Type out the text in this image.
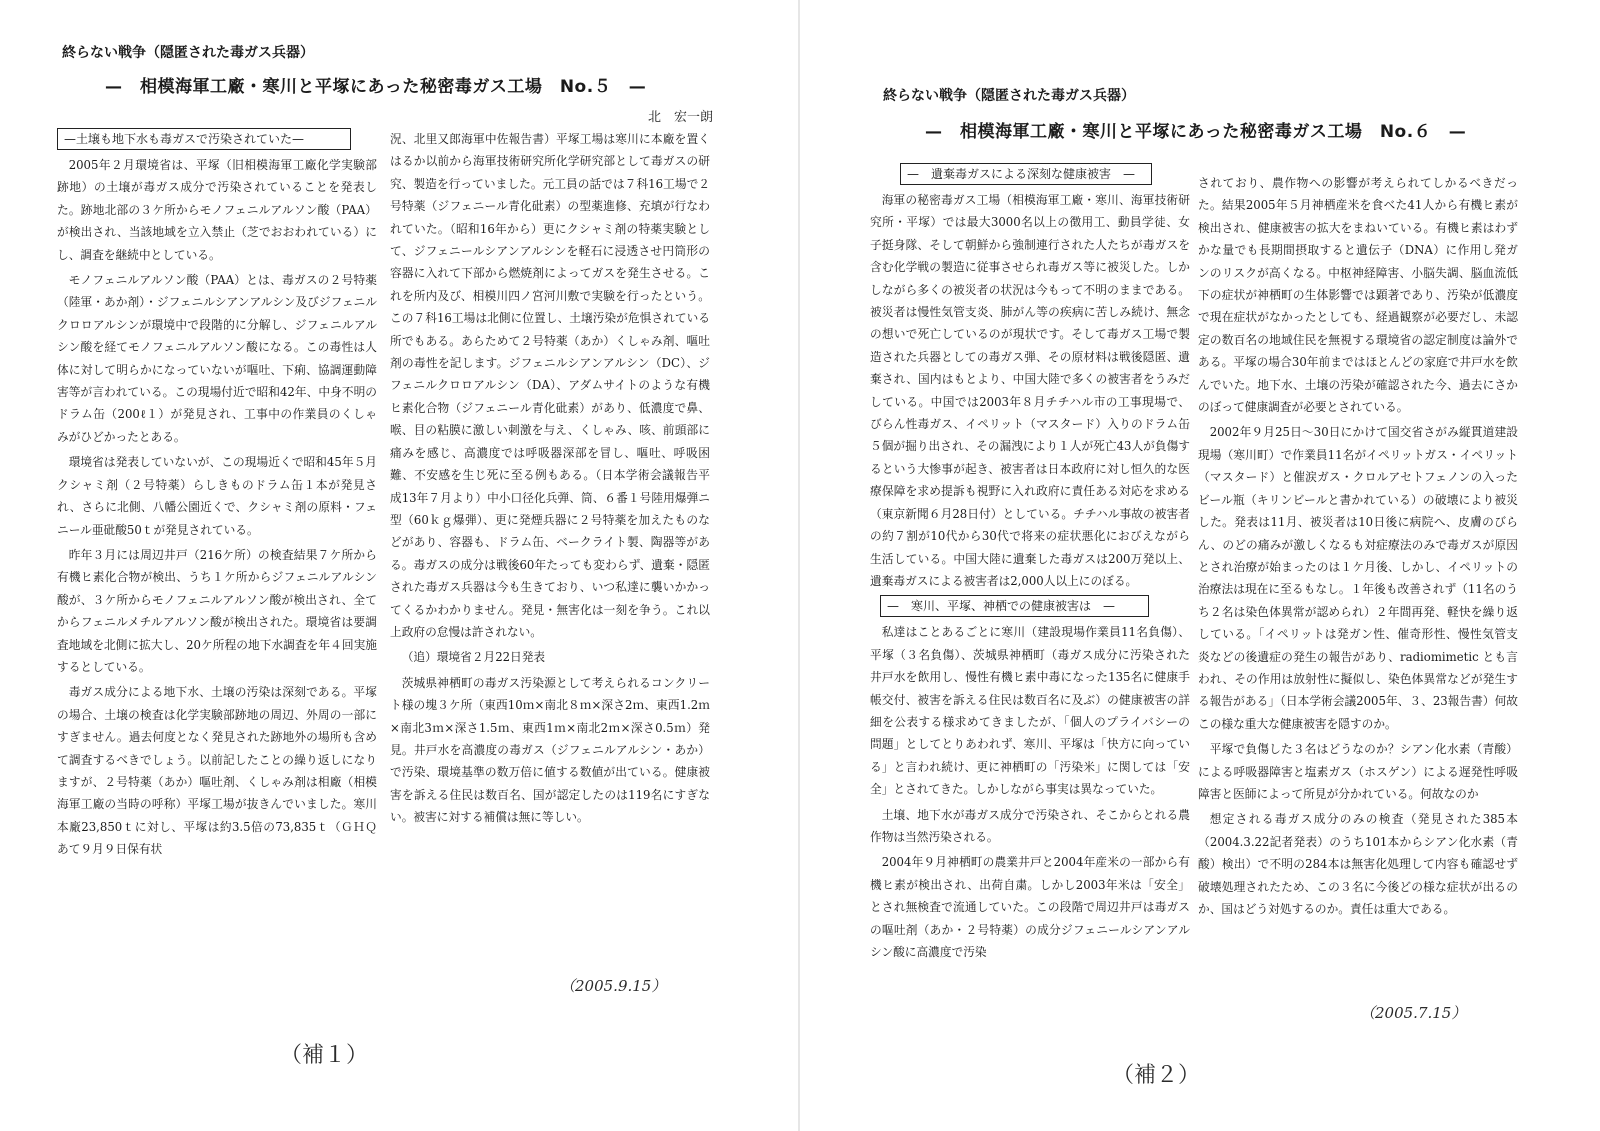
終らない戦争（隠匿された毒ガス兵器）
—　相模海軍工廠・寒川と平塚にあった秘密毒ガス工場　No.５　—
北　宏一朗
—土壌も地下水も毒ガスで汚染されていた—

2005年２月環境省は、平塚（旧相模海軍工廠化学実験部跡地）の土壌が毒ガス成分で汚染されていることを発表した。跡地北部の３ケ所からモノフェニルアルソン酸（PAA）が検出され、当該地域を立入禁止（芝でおおわれている）にし、調査を継続中としている。

モノフェニルアルソン酸（PAA）とは、毒ガスの２号特薬（陸軍・あか剤）・ジフェニルシアンアルシン及びジフェニルクロロアルシンが環境中で段階的に分解し、ジフェニルアルシン酸を経てモノフェニルアルソン酸になる。この毒性は人体に対して明らかになっていないが嘔吐、下痢、協調運動障害等が言われている。この現場付近で昭和42年、中身不明のドラム缶（200ℓ１）が発見され、工事中の作業員のくしゃみがひどかったとある。

環境省は発表していないが、この現場近くで昭和45年５月クシャミ剤（２号特薬）らしきものドラム缶１本が発見され、さらに北側、八幡公園近くで、クシャミ剤の原料・フェニール亜砒酸50ｔが発見されている。

昨年３月には周辺井戸（216ケ所）の検査結果７ケ所から有機ヒ素化合物が検出、うち１ケ所からジフェニルアルシン酸が、３ケ所からモノフェニルアルソン酸が検出され、全てからフェニルメチルアルソン酸が検出された。環境省は要調査地域を北側に拡大し、20ケ所程の地下水調査を年４回実施するとしている。

毒ガス成分による地下水、土壌の汚染は深刻である。平塚の場合、土壌の検査は化学実験部跡地の周辺、外周の一部にすぎません。過去何度となく発見された跡地外の場所も含めて調査するべきでしょう。以前記したことの繰り返しになりますが、２号特薬（あか）嘔吐剤、くしゃみ剤は相廠（相模海軍工廠の当時の呼称）平塚工場が抜きんでいました。寒川本廠23,850ｔに対し、平塚は約3.5倍の73,835ｔ（ＧＨＱあて９月９日保有状

況、北里又郎海軍中佐報告書）平塚工場は寒川に本廠を置くはるか以前から海軍技術研究所化学研究部として毒ガスの研究、製造を行っていました。元工員の話では７科16工場で２号特薬（ジフェニール青化砒素）の型薬進修、充填が行なわれていた。（昭和16年から）更にクシャミ剤の特薬実験として、ジフェニールシアンアルシンを軽石に浸透させ円筒形の容器に入れて下部から燃焼剤によってガスを発生させる。これを所内及び、相模川四ノ宮河川敷で実験を行ったという。この７科16工場は北側に位置し、土壌汚染が危惧されている所でもある。あらためて２号特薬（あか）くしゃみ剤、嘔吐剤の毒性を記します。ジフェニルシアンアルシン（DC）、ジフェニルクロロアルシン（DA）、アダムサイトのような有機ヒ素化合物（ジフェニール青化砒素）があり、低濃度で鼻、喉、目の粘膜に激しい刺激を与え、くしゃみ、咳、前頭部に痛みを感じ、高濃度では呼吸器深部を冒し、嘔吐、呼吸困難、不安感を生じ死に至る例もある。（日本学術会議報告平成13年７月より）中小口径化兵弾、筒、６番１号陸用爆弾ニ型（60ｋｇ爆弾）、更に発煙兵器に２号特薬を加えたものなどがあり、容器も、ドラム缶、ベークライト製、陶器等がある。毒ガスの成分は戦後60年たっても変わらず、遺棄・隠匿された毒ガス兵器は今も生きており、いつ私達に襲いかかってくるかわかりません。発見・無害化は一刻を争う。これ以上政府の怠慢は許されない。

（追）環境省２月22日発表

茨城県神栖町の毒ガス汚染源として考えられるコンクリート様の塊３ケ所（東西10ｍ×南北８ｍ×深さ2ｍ、東西1.2ｍ×南北3ｍ×深さ1.5ｍ、東西1ｍ×南北2ｍ×深さ0.5ｍ）発見。井戸水を高濃度の毒ガス（ジフェニルアルシン・あか）で汚染、環境基準の数万倍に値する数値が出ている。健康被害を訴える住民は数百名、国が認定したのは119名にすぎない。被害に対する補償は無に等しい。

（2005.9.15）
（補１）
終らない戦争（隠匿された毒ガス兵器）
—　相模海軍工廠・寒川と平塚にあった秘密毒ガス工場　No.６　—
—　遺棄毒ガスによる深刻な健康被害　—

海軍の秘密毒ガス工場（相模海軍工廠・寒川、海軍技術研究所・平塚）では最大3000名以上の徴用工、動員学徒、女子挺身隊、そして朝鮮から強制連行された人たちが毒ガスを含む化学戦の製造に従事させられ毒ガス等に被災した。しかしながら多くの被災者の状況は今もって不明のままである。被災者は慢性気管支炎、肺がん等の疾病に苦しみ続け、無念の想いで死亡しているのが現状です。そして毒ガス工場で製造された兵器としての毒ガス弾、その原材料は戦後隠匿、遺棄され、国内はもとより、中国大陸で多くの被害者をうみだしている。中国では2003年８月チチハル市の工事現場で、びらん性毒ガス、イペリット（マスタード）入りのドラム缶５個が掘り出され、その漏洩により１人が死亡43人が負傷するという大惨事が起き、被害者は日本政府に対し恒久的な医療保障を求め提訴も視野に入れ政府に責任ある対応を求める（東京新聞６月28日付）としている。チチハル事故の被害者の約７割が10代から30代で将来の症状悪化におびえながら生活している。中国大陸に遺棄した毒ガスは200万発以上、遺棄毒ガスによる被害者は2,000人以上にのぼる。

—　寒川、平塚、神栖での健康被害は　—

私達はことあるごとに寒川（建設現場作業員11名負傷）、平塚（３名負傷）、茨城県神栖町（毒ガス成分に汚染された井戸水を飲用し、慢性有機ヒ素中毒になった135名に健康手帳交付、被害を訴える住民は数百名に及ぶ）の健康被害の詳細を公表する様求めてきましたが、「個人のプライバシーの問題」としてとりあわれず、寒川、平塚は「快方に向っている」と言われ続け、更に神栖町の「汚染米」に関しては「安全」とされてきた。しかしながら事実は異なっていた。

土壌、地下水が毒ガス成分で汚染され、そこからとれる農作物は当然汚染される。

2004年９月神栖町の農業井戸と2004年産米の一部から有機ヒ素が検出され、出荷自粛。しかし2003年米は「安全」とされ無検査で流通していた。この段階で周辺井戸は毒ガスの嘔吐剤（あか・２号特薬）の成分ジフェニールシアンアルシン酸に高濃度で汚染

されており、農作物への影響が考えられてしかるべきだった。結果2005年５月神栖産米を食べた41人から有機ヒ素が検出され、健康被害の拡大をまねいている。有機ヒ素はわずかな量でも長期間摂取すると遺伝子（DNA）に作用し発ガンのリスクが高くなる。中枢神経障害、小脳失調、脳血流低下の症状が神栖町の生体影響では顕著であり、汚染が低濃度で現在症状がなかったとしても、経過観察が必要だし、未認定の数百名の地域住民を無視する環境省の認定制度は論外である。平塚の場合30年前まではほとんどの家庭で井戸水を飲んでいた。地下水、土壌の汚染が確認された今、過去にさかのぼって健康調査が必要とされている。

2002年９月25日～30日にかけて国交省さがみ縦貫道建設現場（寒川町）で作業員11名がイペリットガス・イペリット（マスタード）と催涙ガス・クロルアセトフェノンの入ったビール瓶（キリンビールと書かれている）の破壊により被災した。発表は11月、被災者は10日後に病院へ、皮膚のびらん、のどの痛みが激しくなるも対症療法のみで毒ガスが原因とされ治療が始まったのは１ケ月後、しかし、イペリットの治療法は現在に至るもなし。１年後も改善されず（11名のうち２名は染色体異常が認められ）２年間再発、軽快を繰り返している。「イペリットは発ガン性、催奇形性、慢性気管支炎などの後遺症の発生の報告があり、radiomimetic とも言われ、その作用は放射性に擬似し、染色体異常などが発生する報告がある」（日本学術会議2005年、３、23報告書）何故この様な重大な健康被害を隠すのか。

平塚で負傷した３名はどうなのか？シアン化水素（青酸）による呼吸器障害と塩素ガス（ホスゲン）による遅発性呼吸障害と医師によって所見が分かれている。何故なのか

想定される毒ガス成分のみの検査（発見された385本（2004.3.22記者発表）のうち101本からシアン化水素（青酸）検出）で不明の284本は無害化処理して内容も確認せず破壊処理されたため、この３名に今後どの様な症状が出るのか、国はどう対処するのか。責任は重大である。

（2005.7.15）
（補２）
